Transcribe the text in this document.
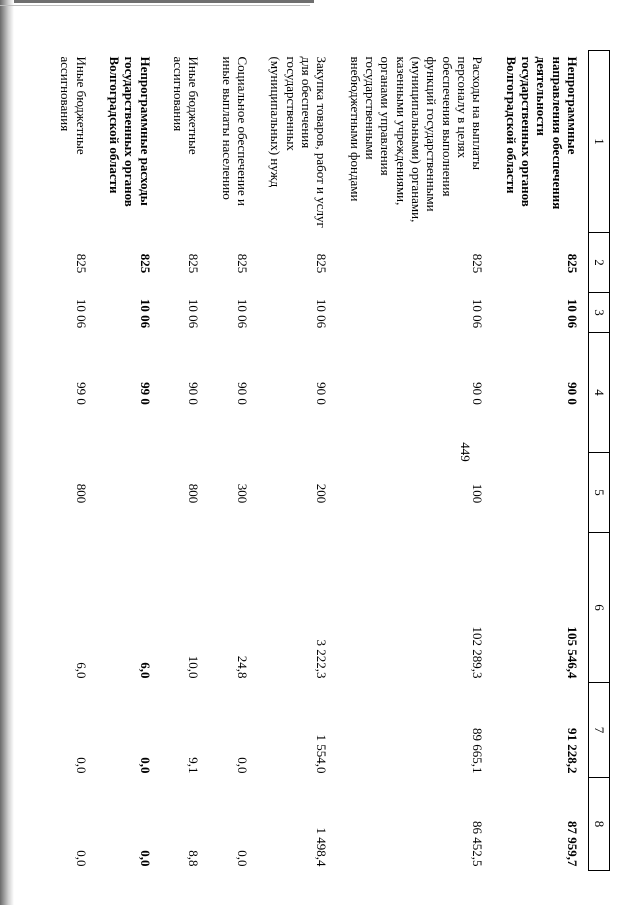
449
1	2	3	4	5	6	7	8
Непрограммные направления обеспечения деятельности государственных органов Волгоградской области	825	10 06	90 0		105 546,4	91 228,2	87 959,7
Расходы на выплаты персоналу в целях обеспечения выполнения функций государственными (муниципальными) органами, казенными учреждениями, органами управления государственными внебюджетными фондами	825	10 06	90 0	100	102 289,3	89 665,1	86 452,5
Закупка товаров, работ и услуг для обеспечения государственных (муниципальных) нужд	825	10 06	90 0	200	3 222,3	1 554,0	1 498,4
Социальное обеспечение и иные выплаты населению	825	10 06	90 0	300	24,8	0,0	0,0
Иные бюджетные ассигнования	825	10 06	90 0	800	10,0	9,1	8,8
Непрограммные расходы государственных органов Волгоградской области	825	10 06	99 0		6,0	0,0	0,0
Иные бюджетные ассигнования	825	10 06	99 0	800	6,0	0,0	0,0
